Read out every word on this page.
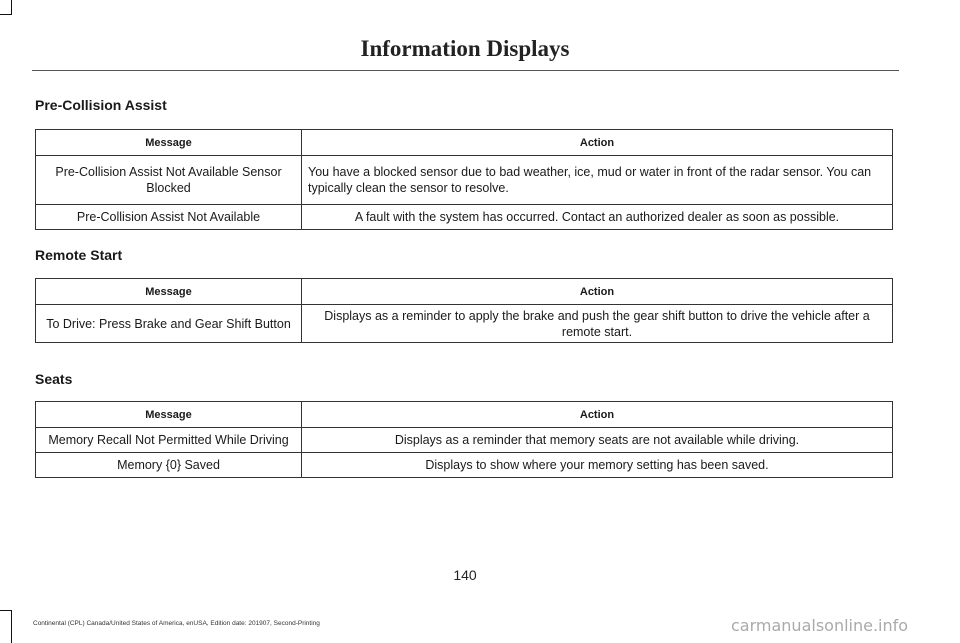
Information Displays
Pre-Collision Assist
Message	Action
Pre-Collision Assist Not Available Sensor Blocked	You have a blocked sensor due to bad weather, ice, mud or water in front of the radar sensor. You can typically clean the sensor to resolve.
Pre-Collision Assist Not Available	A fault with the system has occurred. Contact an authorized dealer as soon as possible.
Remote Start
Message	Action
To Drive: Press Brake and Gear Shift Button	Displays as a reminder to apply the brake and push the gear shift button to drive the vehicle after a remote start.
Seats
Message	Action
Memory Recall Not Permitted While Driving	Displays as a reminder that memory seats are not available while driving.
Memory {0} Saved	Displays to show where your memory setting has been saved.
140
Continental (CPL) Canada/United States of America, enUSA, Edition date: 201907, Second-Printing	carmanualsonline.info
